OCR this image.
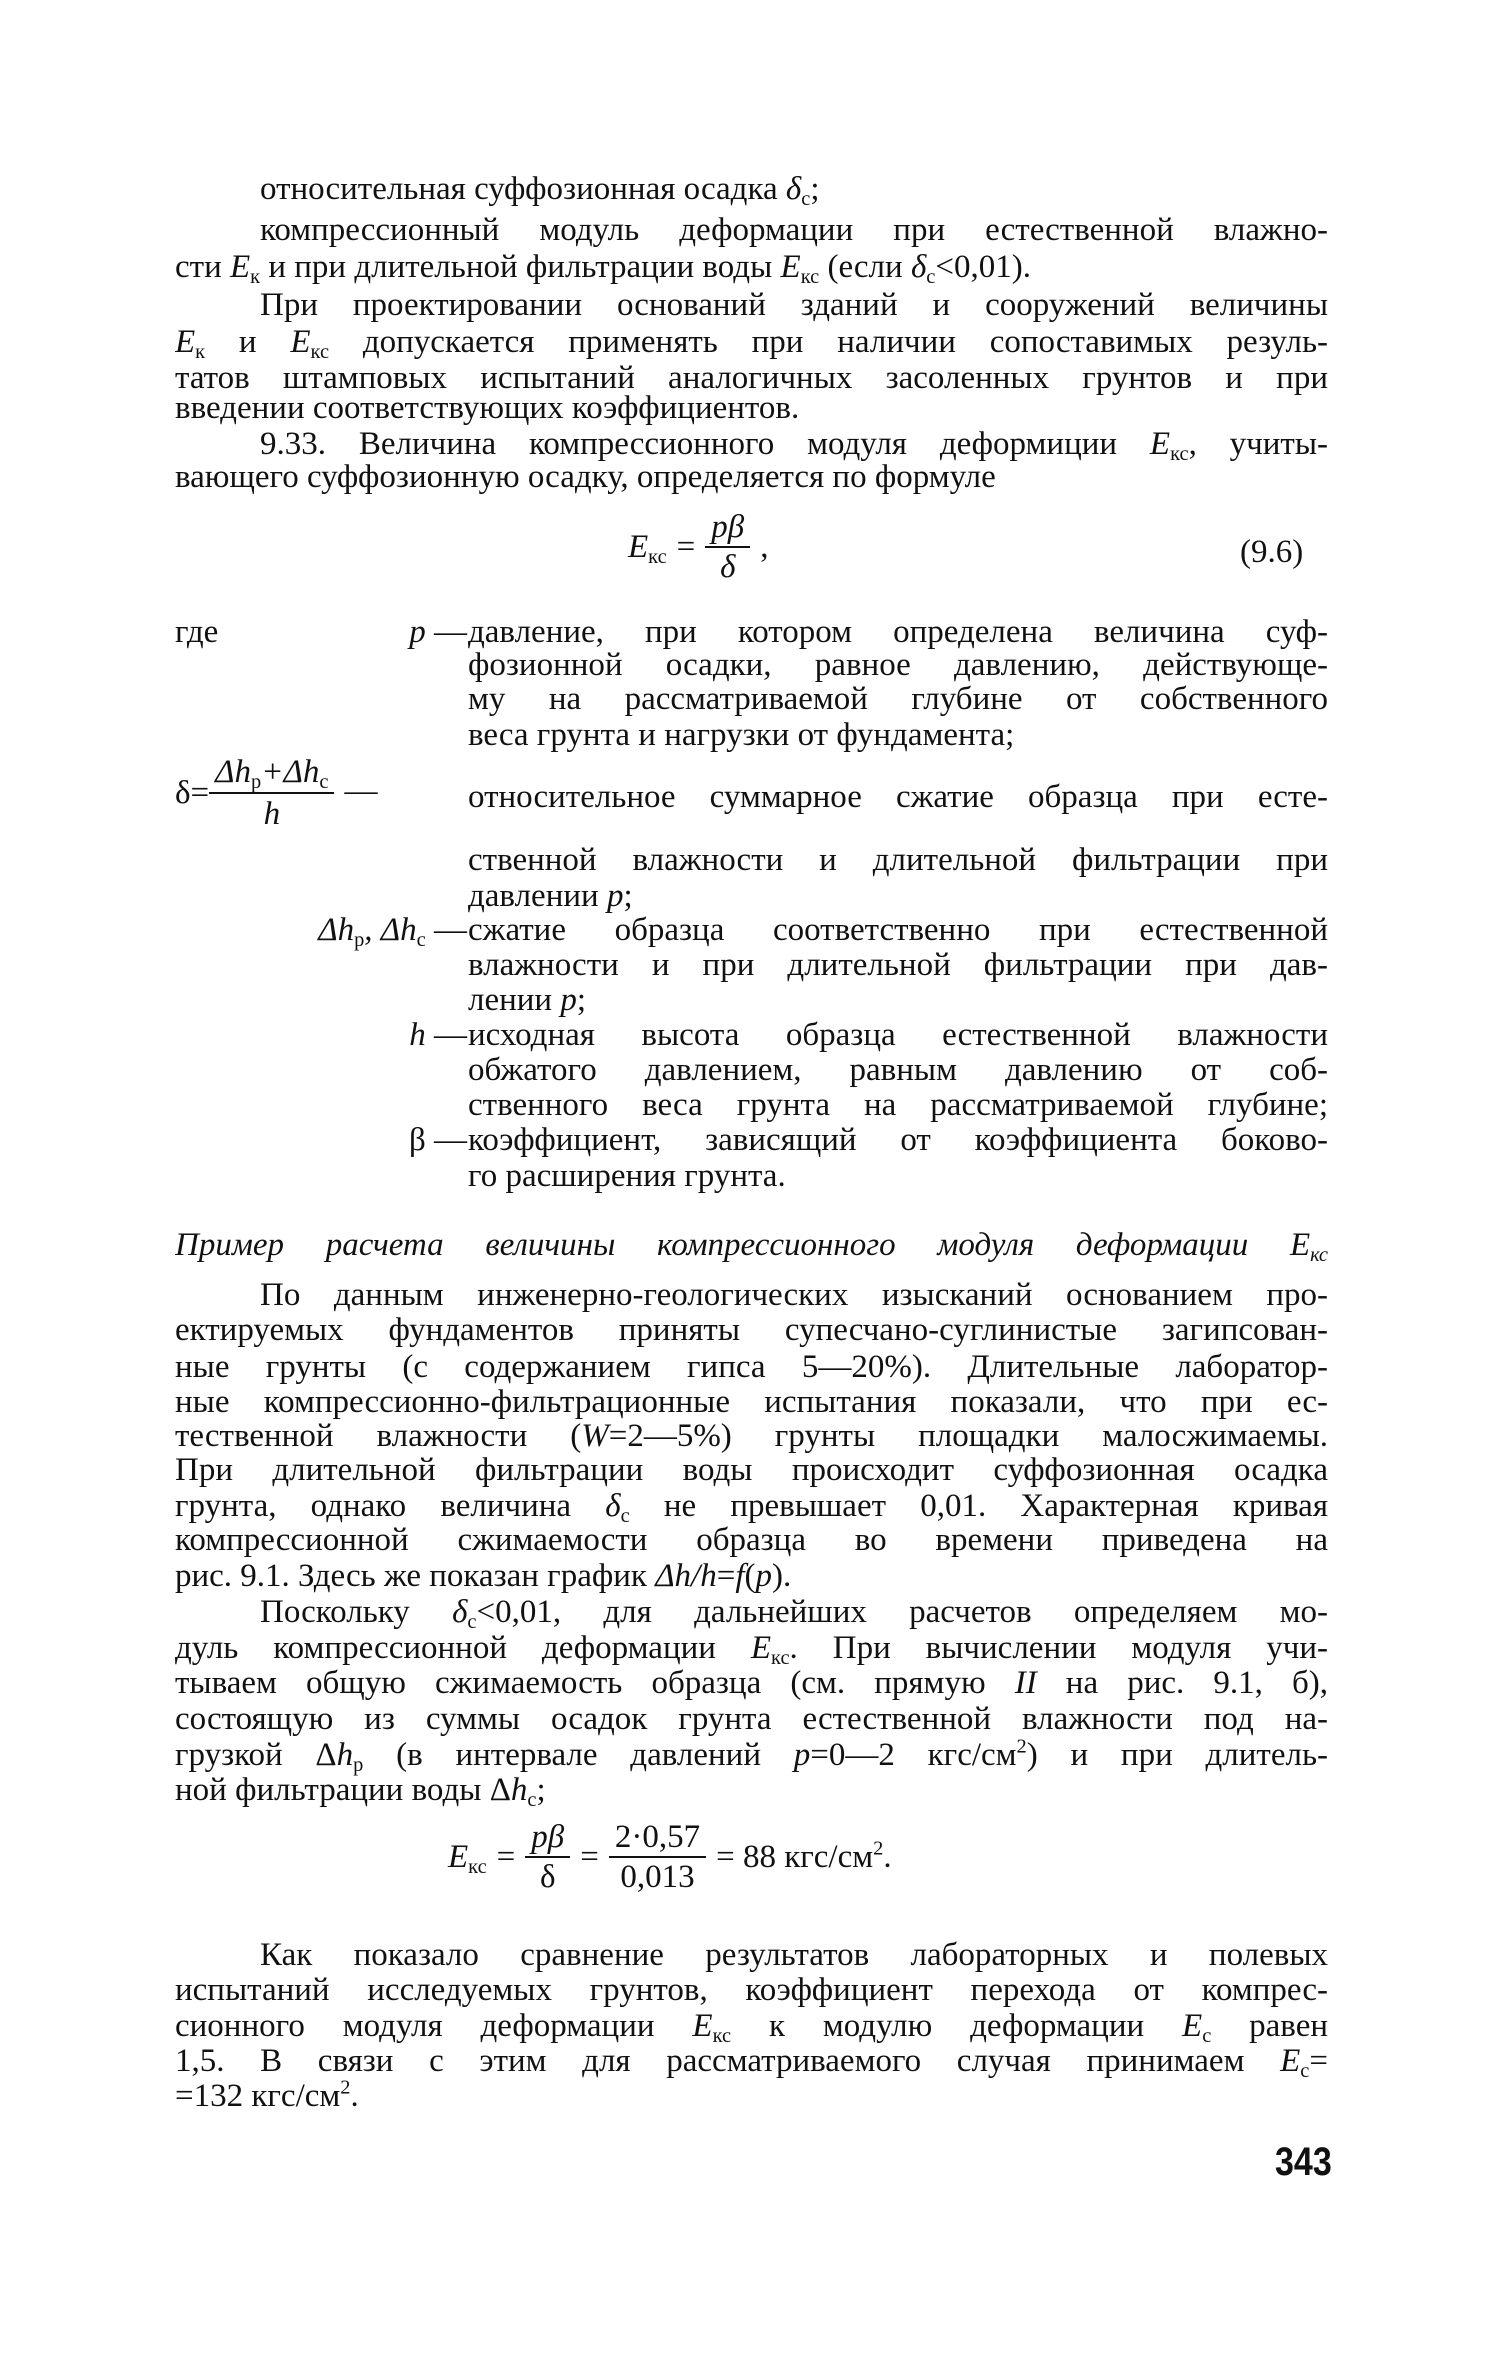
относительная суффозионная осадка $\delta_с$;
компрессионный модуль деформации при естественной влажно-
сти $E_к$ и при длительной фильтрации воды $E_{кс}$ (если $\delta_с<0,01$).
При проектировании оснований зданий и сооружений величины
$E_к$ и $E_{кс}$ допускается применять при наличии сопоставимых резуль-
татов штамповых испытаний аналогичных засоленных грунтов и при
введении соответствующих коэффициентов.
9.33. Величина компрессионного модуля деформиции $E_{кс}$, учиты-
вающего суффозионную осадку, определяется по формуле
где	давление, при котором определена величина суф-
фозионной осадки, равное давлению, действующе-
му на рассматриваемой глубине от собственного
веса грунта и нагрузки от фундамента;
относительное суммарное сжатие образца при есте-
ственной влажности и длительной фильтрации при
давлении p;
сжатие образца соответственно при естественной
влажности и при длительной фильтрации при дав-
лении p;
исходная высота образца естественной влажности
обжатого давлением, равным давлению от соб-
ственного веса грунта на рассматриваемой глубине;
коэффициент, зависящий от коэффициента боково-
го расширения грунта.
Пример расчета величины компрессионного модуля деформации $E_{кс}$
По данным инженерно-геологических изысканий основанием про-
ектируемых фундаментов приняты супесчано-суглинистые загипсован-
ные грунты (с содержанием гипса 5—20%). Длительные лаборатор-
ные компрессионно-фильтрационные испытания показали, что при ес-
тественной влажности (W=2—5%) грунты площадки малосжимаемы.
При длительной фильтрации воды происходит суффозионная осадка
грунта, однако величина $\delta_с$ не превышает 0,01. Характерная кривая
компрессионной сжимаемости образца во времени приведена на
рис. 9.1. Здесь же показан график Δh/h=f(p).
Поскольку $\delta_с<0,01$, для дальнейших расчетов определяем мо-
дуль компрессионной деформации $E_{кс}$. При вычислении модуля учи-
тываем общую сжимаемость образца (см. прямую II на рис. 9.1, б),
состоящую из суммы осадок грунта естественной влажности под на-
грузкой $\Delta h_р$ (в интервале давлений p=0—2 кгс/$см^2$) и при длитель-
ной фильтрации воды $\Delta h_с$;
Как показало сравнение результатов лабораторных и полевых
испытаний исследуемых грунтов, коэффициент перехода от компрес-
сионного модуля деформации $E_{кс}$ к модулю деформации $E_с$ равен
1,5. В связи с этим для рассматриваемого случая принимаем $E_с=$
=132 кгс/$см^2$.
$E_{кс} = \frac{p\beta}{\delta}$ ,	(9.6)
p —
$\delta= \frac{\Delta h_р+\Delta h_с}{h}$ —
$\Delta h_р$, $\Delta h_с$ —
h —
β —
$E_{кс} = \frac{p\beta}{\delta} = \frac{2\cdot 0,57}{0,013} = 88$ кгс/$см^2$.
343
